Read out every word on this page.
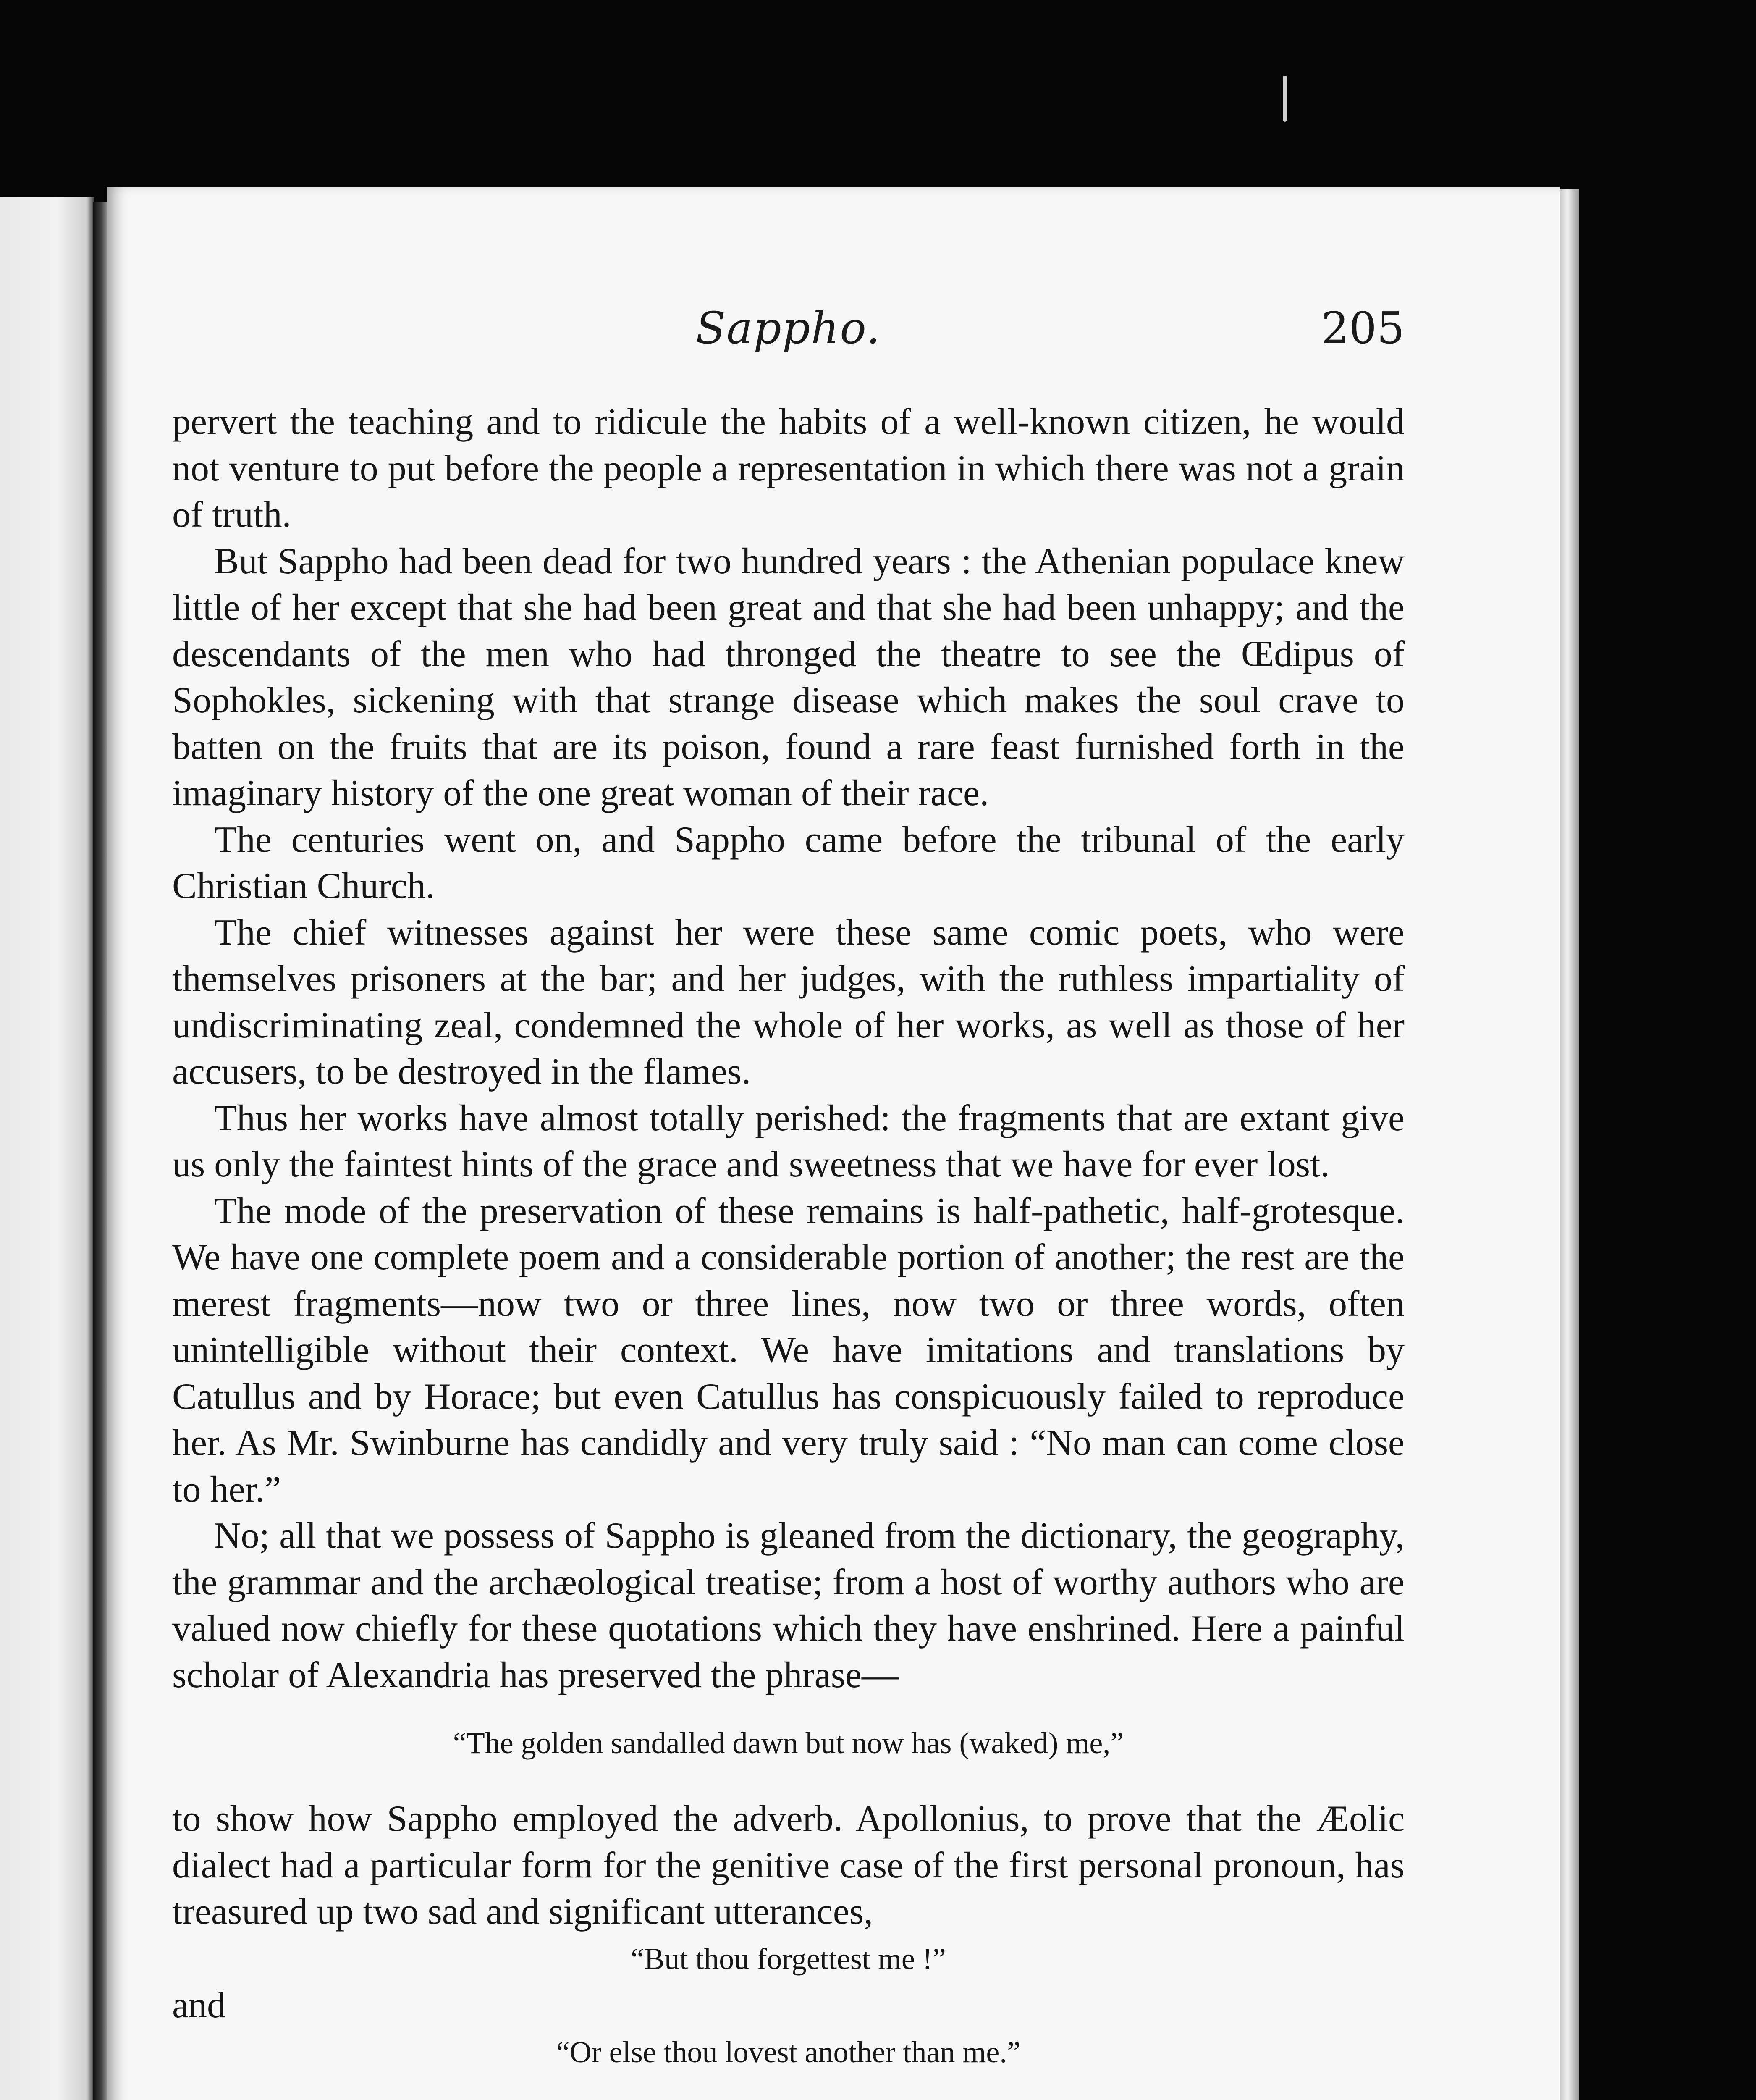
Sappho.	205

pervert the teaching and to ridicule the habits of a well-known citizen, he would not venture to put before the people a representation in which there was not a grain of truth.

But Sappho had been dead for two hundred years : the Athenian populace knew little of her except that she had been great and that she had been unhappy; and the descendants of the men who had thronged the theatre to see the Œdipus of Sophokles, sickening with that strange disease which makes the soul crave to batten on the fruits that are its poison, found a rare feast furnished forth in the imaginary history of the one great woman of their race.

The centuries went on, and Sappho came before the tribunal of the early Christian Church.

The chief witnesses against her were these same comic poets, who were themselves prisoners at the bar; and her judges, with the ruthless impartiality of undiscriminating zeal, condemned the whole of her works, as well as those of her accusers, to be destroyed in the flames.

Thus her works have almost totally perished: the fragments that are extant give us only the faintest hints of the grace and sweetness that we have for ever lost.

The mode of the preservation of these remains is half-pathetic, half-grotesque. We have one complete poem and a considerable portion of another; the rest are the merest fragments—now two or three lines, now two or three words, often unintelligible without their context. We have imitations and translations by Catullus and by Horace; but even Catullus has conspicuously failed to reproduce her. As Mr. Swinburne has candidly and very truly said : “No man can come close to her.”

No; all that we possess of Sappho is gleaned from the dictionary, the geography, the grammar and the archæological treatise; from a host of worthy authors who are valued now chiefly for these quotations which they have enshrined. Here a painful scholar of Alexandria has preserved the phrase—

“The golden sandalled dawn but now has (waked) me,”

to show how Sappho employed the adverb. Apollonius, to prove that the Æolic dialect had a particular form for the genitive case of the first personal pronoun, has treasured up two sad and significant utterances,

“But thou forgettest me !”

and

“Or else thou lovest another than me.”
